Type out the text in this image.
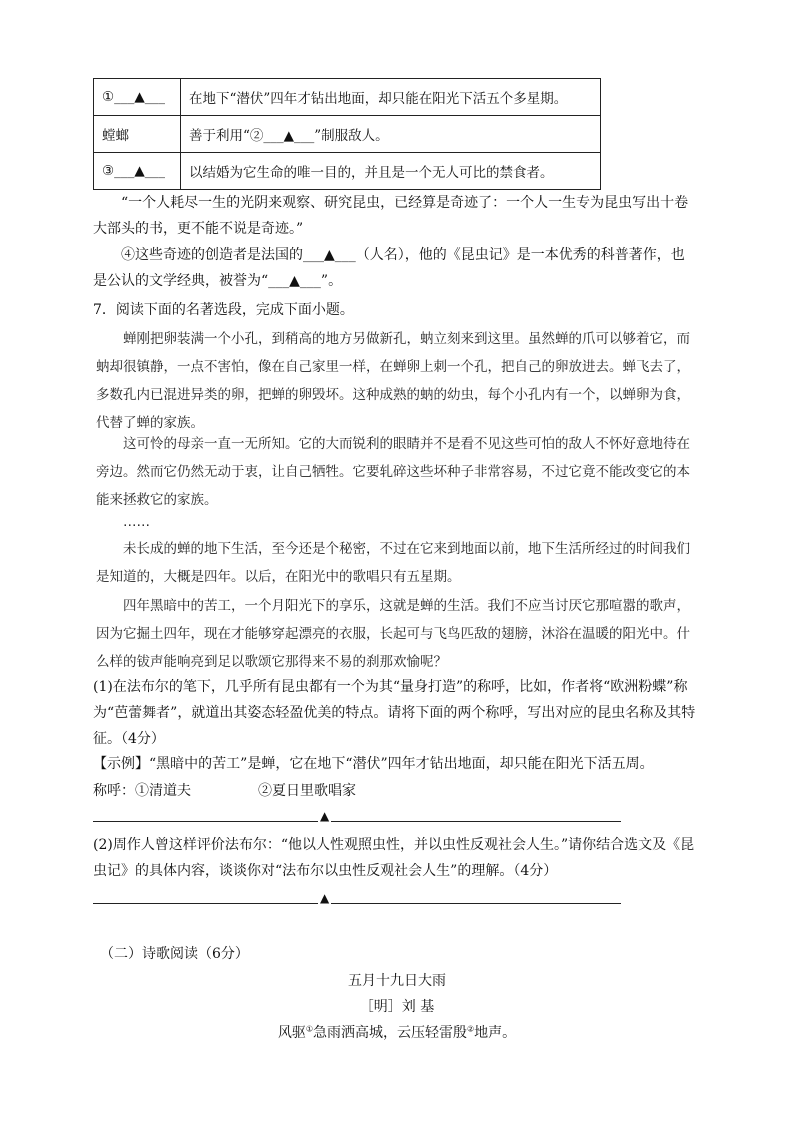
①___▲___	在地下“潜伏”四年才钻出地面，却只能在阳光下活五个多星期。
螳螂	善于利用“②___▲___”制服敌人。
③___▲___	以结婚为它生命的唯一目的，并且是一个无人可比的禁食者。
“一个人耗尽一生的光阴来观察、研究昆虫，已经算是奇迹了：一个人一生专为昆虫写出十卷大部头的书，更不能不说是奇迹。”
④这些奇迹的创造者是法国的___▲___（人名），他的《昆虫记》是一本优秀的科普著作，也是公认的文学经典，被誉为“___▲___”。
7．阅读下面的名著选段，完成下面小题。
蝉刚把卵装满一个小孔，到稍高的地方另做新孔，蚋立刻来到这里。虽然蝉的爪可以够着它，而蚋却很镇静，一点不害怕，像在自己家里一样，在蝉卵上刺一个孔，把自己的卵放进去。蝉飞去了，多数孔内已混进异类的卵，把蝉的卵毁坏。这种成熟的蚋的幼虫，每个小孔内有一个，以蝉卵为食，代替了蝉的家族。
这可怜的母亲一直一无所知。它的大而锐利的眼睛并不是看不见这些可怕的敌人不怀好意地待在旁边。然而它仍然无动于衷，让自己牺牲。它要轧碎这些坏种子非常容易，不过它竟不能改变它的本能来拯救它的家族。
……
未长成的蝉的地下生活，至今还是个秘密，不过在它来到地面以前，地下生活所经过的时间我们是知道的，大概是四年。以后，在阳光中的歌唱只有五星期。
四年黑暗中的苦工，一个月阳光下的享乐，这就是蝉的生活。我们不应当讨厌它那喧嚣的歌声，因为它掘土四年，现在才能够穿起漂亮的衣服，长起可与飞鸟匹敌的翅膀，沐浴在温暖的阳光中。什么样的钹声能响亮到足以歌颂它那得来不易的刹那欢愉呢？
(1)在法布尔的笔下，几乎所有昆虫都有一个为其“量身打造”的称呼，比如，作者将“欧洲粉蝶”称为“芭蕾舞者”，就道出其姿态轻盈优美的特点。请将下面的两个称呼，写出对应的昆虫名称及其特征。（4分）
【示例】“黑暗中的苦工”是蝉，它在地下“潜伏”四年才钻出地面，却只能在阳光下活五周。
称呼：①清道夫	②夏日里歌唱家
▲
(2)周作人曾这样评价法布尔：“他以人性观照虫性，并以虫性反观社会人生。”请你结合选文及《昆虫记》的具体内容，谈谈你对“法布尔以虫性反观社会人生”的理解。（4分）
▲
（二）诗歌阅读（6分）
五月十九日大雨
［明］刘 基
风驱①急雨洒高城，云压轻雷殷②地声。
